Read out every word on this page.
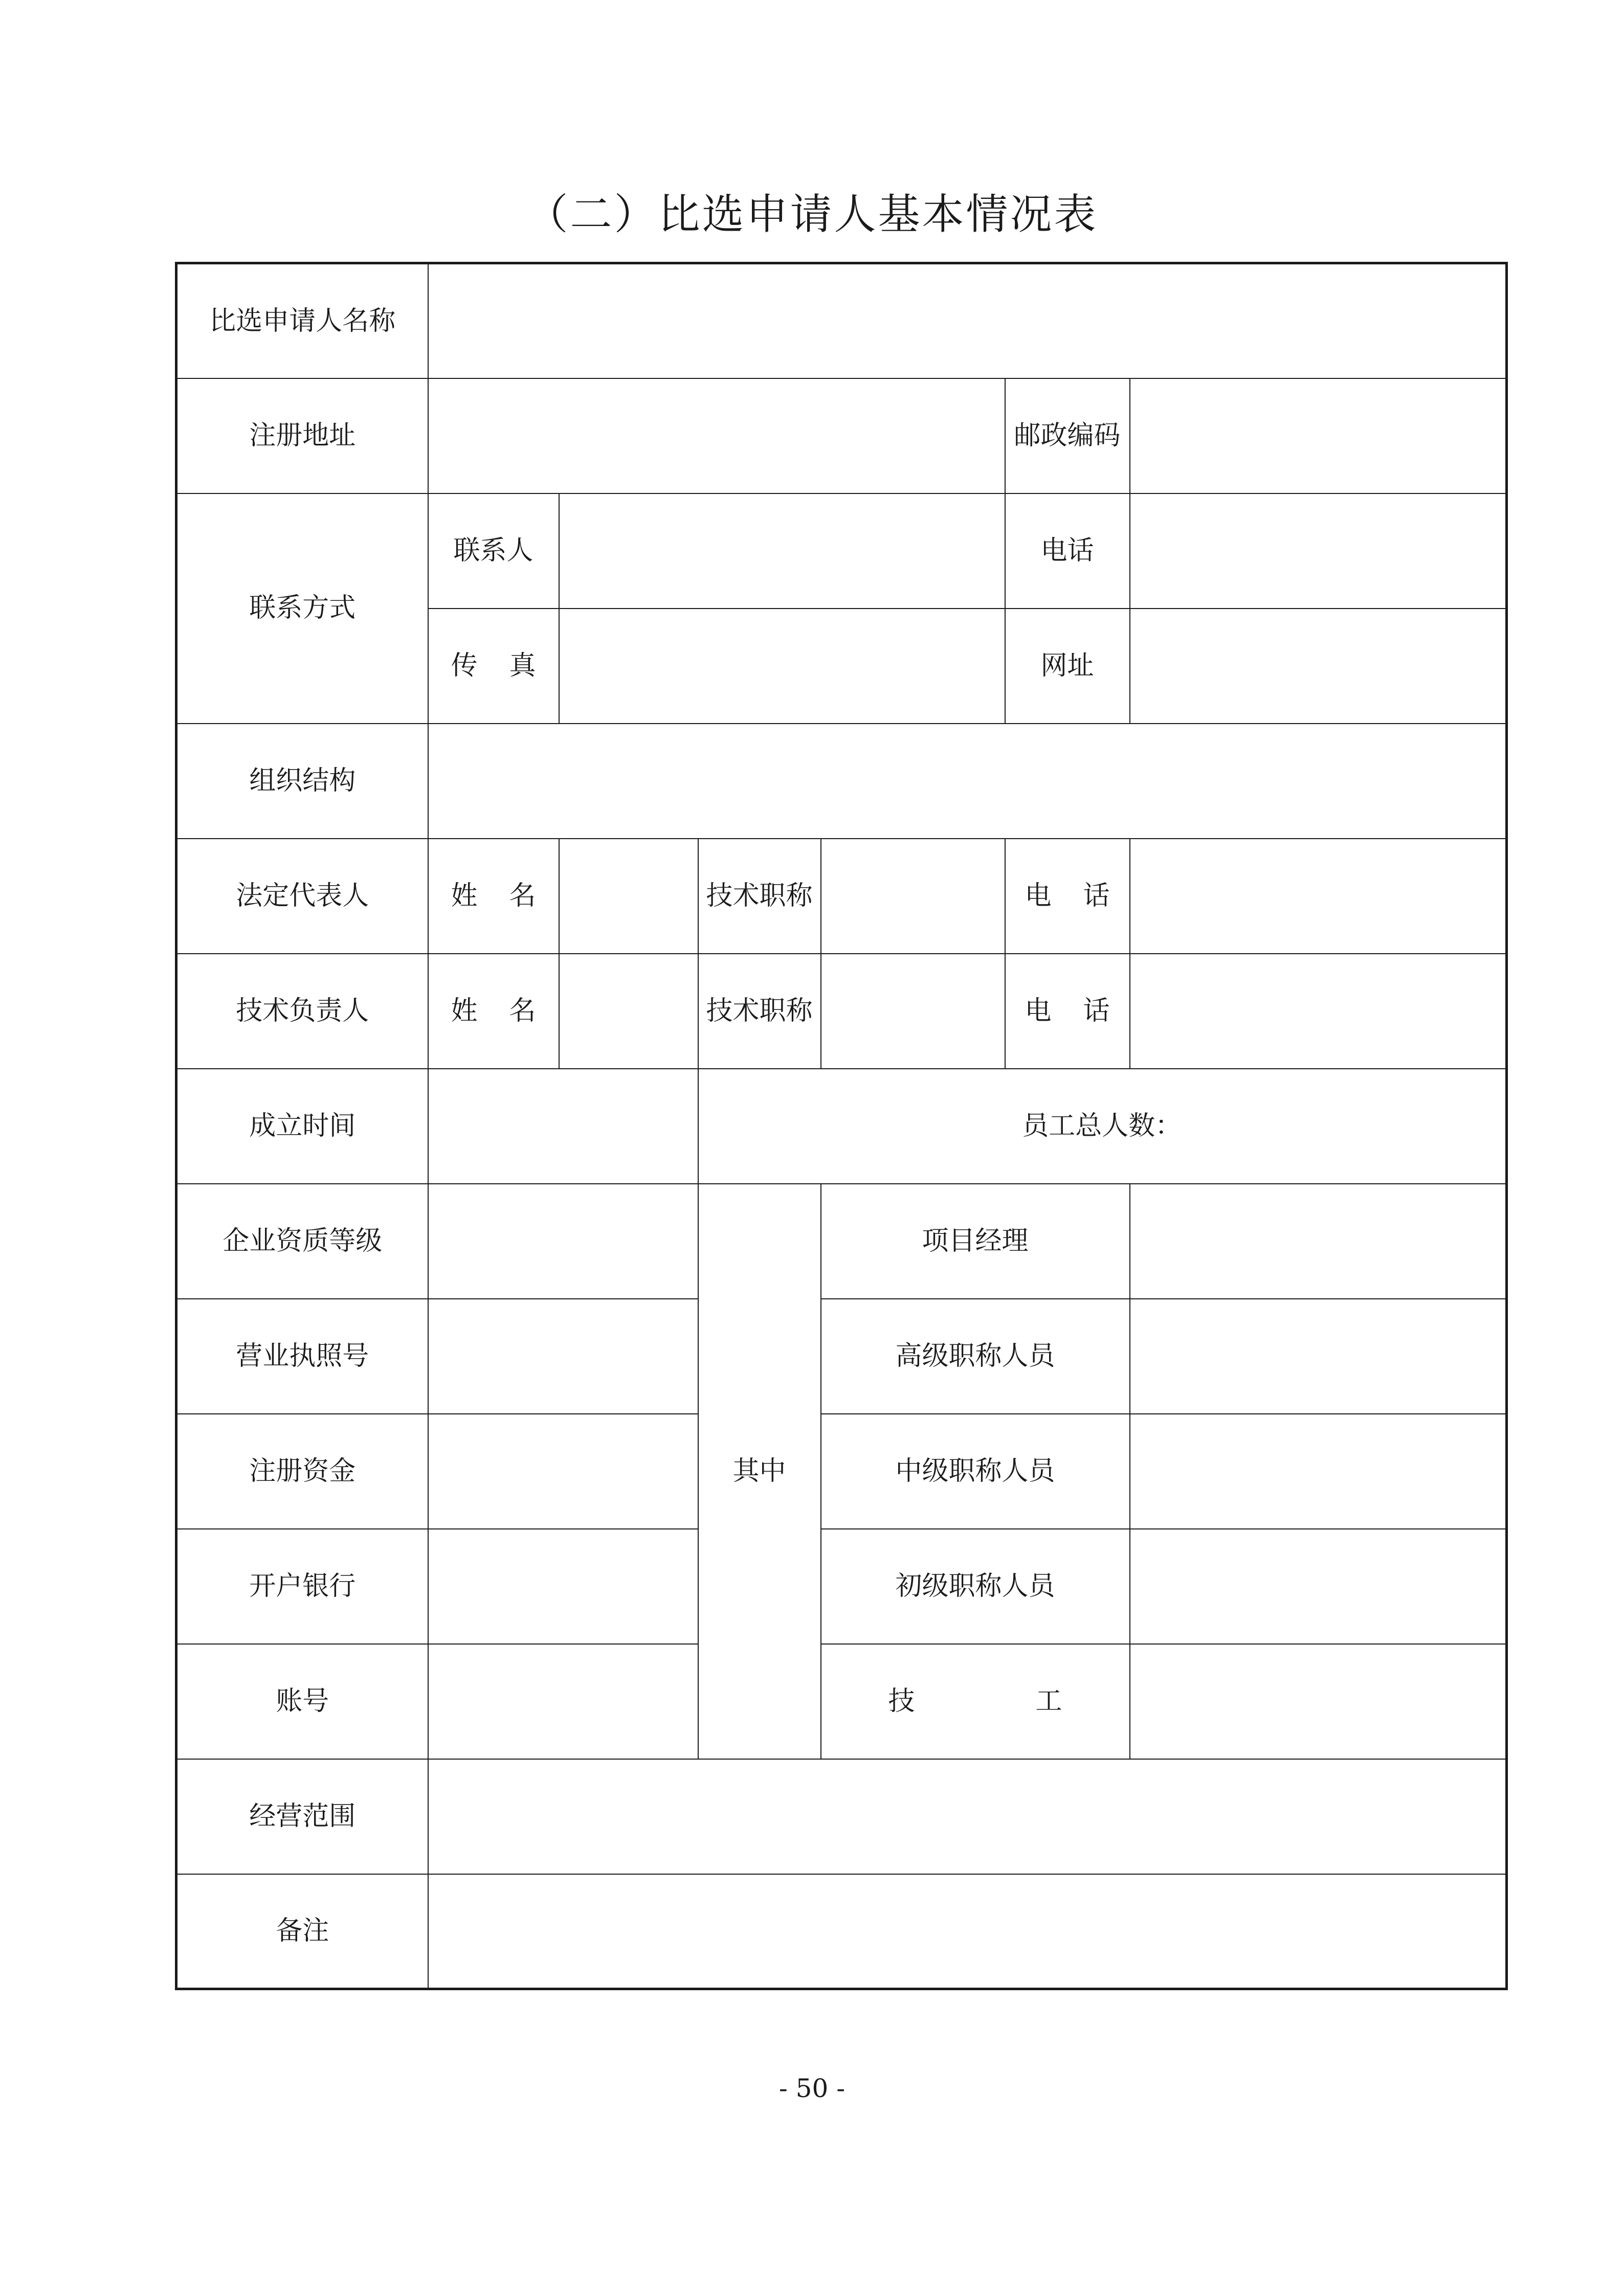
（二）比选申请人基本情况表
比选申请人名称						
注册地址					邮政编码	
联系方式	联系人				电话	
	传 真				网址	
组织结构						
法定代表人	姓 名		技术职称		电 话	
技术负责人	姓 名		技术职称		电 话	
成立时间			员工总人数：			
企业资质等级			其中	项目经理		
营业执照号				高级职称人员		
注册资金				中级职称人员		
开户银行				初级职称人员		
账号				技 工		
经营范围						
备注						
- 50 -
